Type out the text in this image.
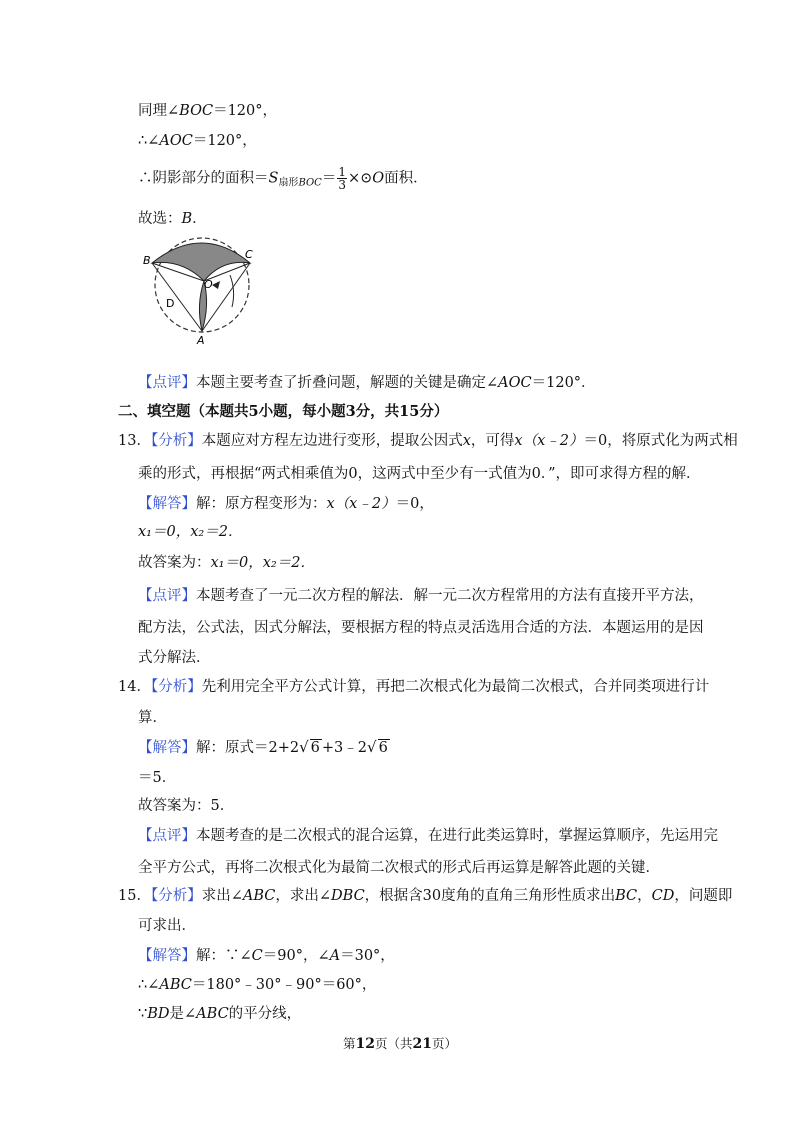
同理∠BOC＝120°，
∴∠AOC＝120°，
∴阴影部分的面积$=S_{扇形BOC}= \frac{1}{3}$ ×⊙O面积．
故选：B．
B	C
O
D
A
【点评】本题主要考查了折叠问题，解题的关键是确定∠AOC＝120°．
二、填空题（本题共5小题，每小题3分，共15分）
13．【分析】本题应对方程左边进行变形，提取公因式x，可得x（x﹣2）＝0，将原式化为两式相
乘的形式，再根据“两式相乘值为0，这两式中至少有一式值为0．”，即可求得方程的解．
【解答】解：原方程变形为：x（x﹣2）＝0，
x₁＝0，x₂＝2．
故答案为：x₁＝0，x₂＝2．
【点评】本题考查了一元二次方程的解法．解一元二次方程常用的方法有直接开平方法，
配方法，公式法，因式分解法，要根据方程的特点灵活选用合适的方法．本题运用的是因
式分解法．
14．【分析】先利用完全平方公式计算，再把二次根式化为最简二次根式，合并同类项进行计
算．
【解答】解：原式＝2+2√ 6 +3﹣2√ 6
＝5．
故答案为：5．
【点评】本题考查的是二次根式的混合运算，在进行此类运算时，掌握运算顺序，先运用完
全平方公式，再将二次根式化为最简二次根式的形式后再运算是解答此题的关键．
15．【分析】求出∠ABC，求出∠DBC，根据含30度角的直角三角形性质求出BC，CD，问题即
可求出．
【解答】解：∵∠C＝90°，∠A＝30°，
∴∠ABC＝180°﹣30°﹣90°＝60°，
∵BD是∠ABC的平分线，
第12页（共21页）
